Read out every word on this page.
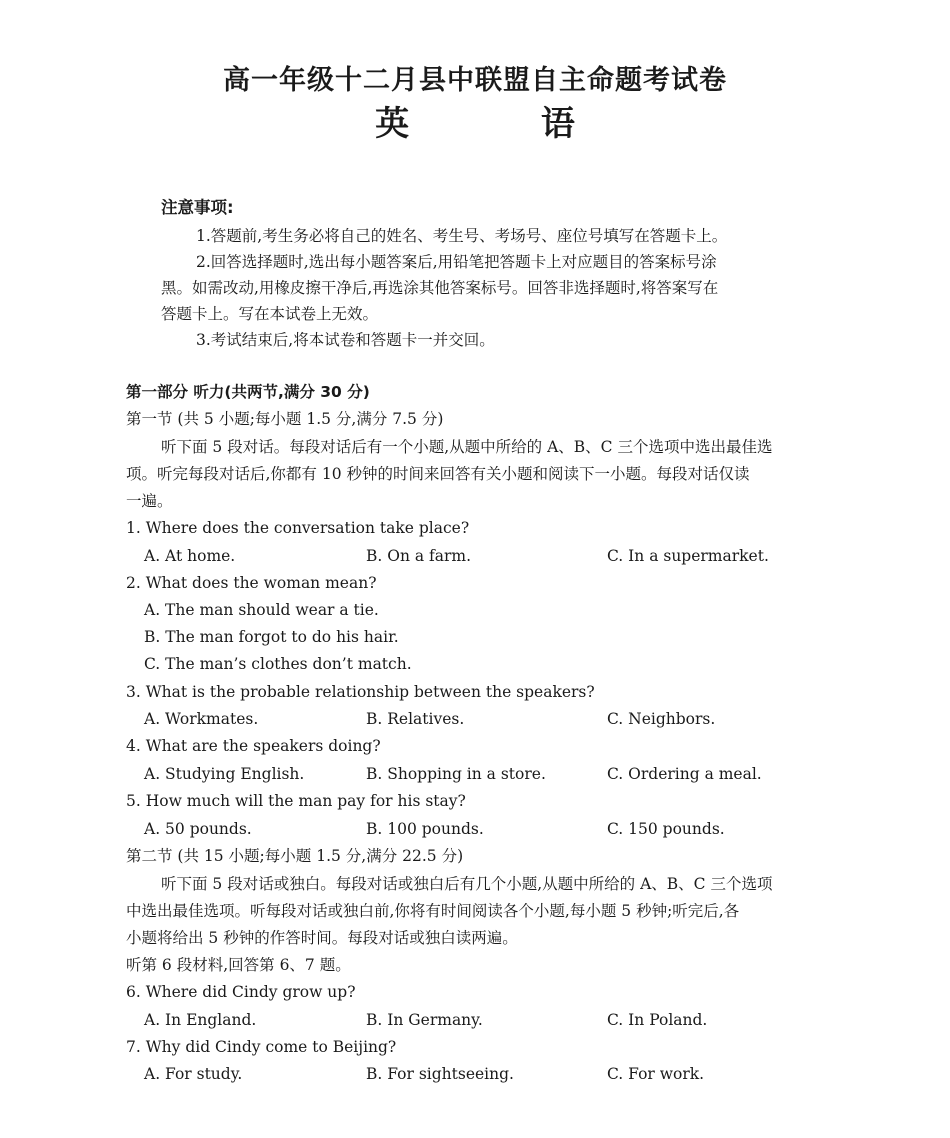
高一年级十二月县中联盟自主命题考试卷
英 语
注意事项:
1.答题前,考生务必将自己的姓名、考生号、考场号、座位号填写在答题卡上。
2.回答选择题时,选出每小题答案后,用铅笔把答题卡上对应题目的答案标号涂
黑。如需改动,用橡皮擦干净后,再选涂其他答案标号。回答非选择题时,将答案写在
答题卡上。写在本试卷上无效。
3.考试结束后,将本试卷和答题卡一并交回。
第一部分 听力(共两节,满分 30 分)
第一节 (共 5 小题;每小题 1.5 分,满分 7.5 分)
听下面 5 段对话。每段对话后有一个小题,从题中所给的 A、B、C 三个选项中选出最佳选
项。听完每段对话后,你都有 10 秒钟的时间来回答有关小题和阅读下一小题。每段对话仅读
一遍。
1. Where does the conversation take place?
A. At home.	B. On a farm.	C. In a supermarket.
2. What does the woman mean?
A. The man should wear a tie.
B. The man forgot to do his hair.
C. The man’s clothes don’t match.
3. What is the probable relationship between the speakers?
A. Workmates.	B. Relatives.	C. Neighbors.
4. What are the speakers doing?
A. Studying English.	B. Shopping in a store.	C. Ordering a meal.
5. How much will the man pay for his stay?
A. 50 pounds.	B. 100 pounds.	C. 150 pounds.
第二节 (共 15 小题;每小题 1.5 分,满分 22.5 分)
听下面 5 段对话或独白。每段对话或独白后有几个小题,从题中所给的 A、B、C 三个选项
中选出最佳选项。听每段对话或独白前,你将有时间阅读各个小题,每小题 5 秒钟;听完后,各
小题将给出 5 秒钟的作答时间。每段对话或独白读两遍。
听第 6 段材料,回答第 6、7 题。
6. Where did Cindy grow up?
A. In England.	B. In Germany.	C. In Poland.
7. Why did Cindy come to Beijing?
A. For study.	B. For sightseeing.	C. For work.
